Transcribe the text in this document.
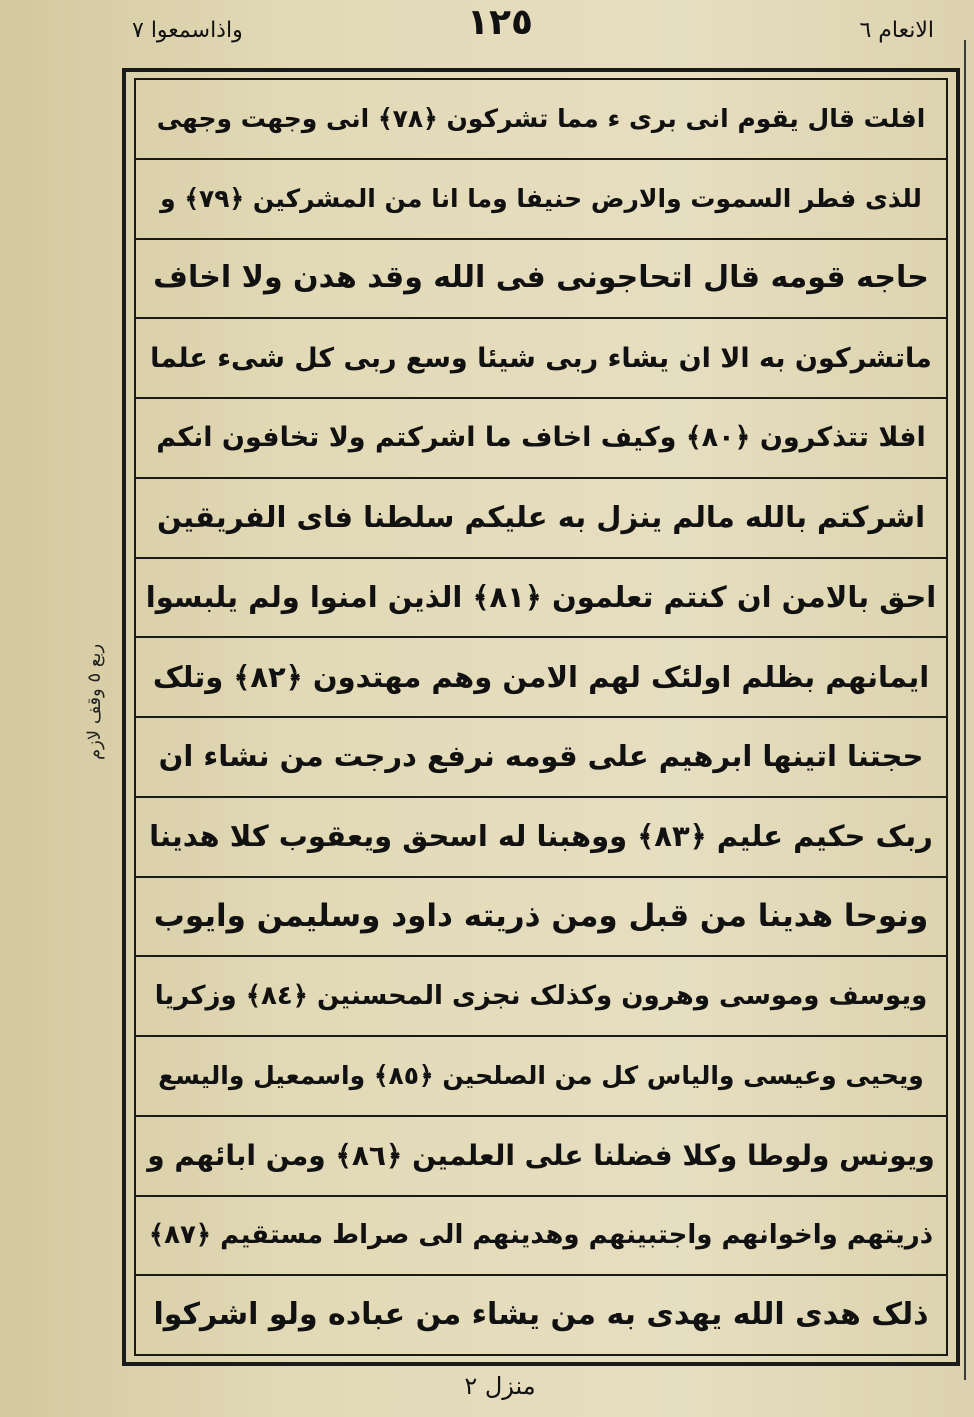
الانعام ٦
١٢٥
واذاسمعوا ٧
افلت قال يقوم انی بری ء مما تشرکون ﴿٧٨﴾ انی وجهت وجهی
للذی فطر السموت والارض حنیفا وما انا من المشرکین ﴿٧٩﴾ و
حاجه قومه قال اتحاجونی فی الله وقد هدن ولا اخاف
ماتشرکون به الا ان یشاء ربی شیئا وسع ربی کل شیء علما
افلا تتذکرون ﴿٨٠﴾ وکیف اخاف ما اشرکتم ولا تخافون انکم
اشرکتم بالله مالم ینزل به علیکم سلطنا فای الفریقین
احق بالامن ان کنتم تعلمون ﴿٨١﴾ الذین امنوا ولم یلبسوا
ایمانهم بظلم اولئک لهم الامن وهم مهتدون ﴿٨٢﴾ وتلک
حجتنا اتینها ابرهیم علی قومه نرفع درجت من نشاء ان
ربک حکیم علیم ﴿٨٣﴾ ووهبنا له اسحق ویعقوب کلا هدینا
ونوحا هدینا من قبل ومن ذریته داود وسلیمن وایوب
ویوسف وموسی وهرون وکذلک نجزی المحسنین ﴿٨٤﴾ وزکریا
ویحیی وعیسی والیاس کل من الصلحین ﴿٨٥﴾ واسمعیل والیسع
ویونس ولوطا وکلا فضلنا علی العلمین ﴿٨٦﴾ ومن ابائهم و
ذریتهم واخوانهم واجتبینهم وهدینهم الی صراط مستقیم ﴿٨٧﴾
ذلک هدی الله یهدی به من یشاء من عباده ولو اشرکوا
ربع ٥ وقف لازم
منزل ٢
